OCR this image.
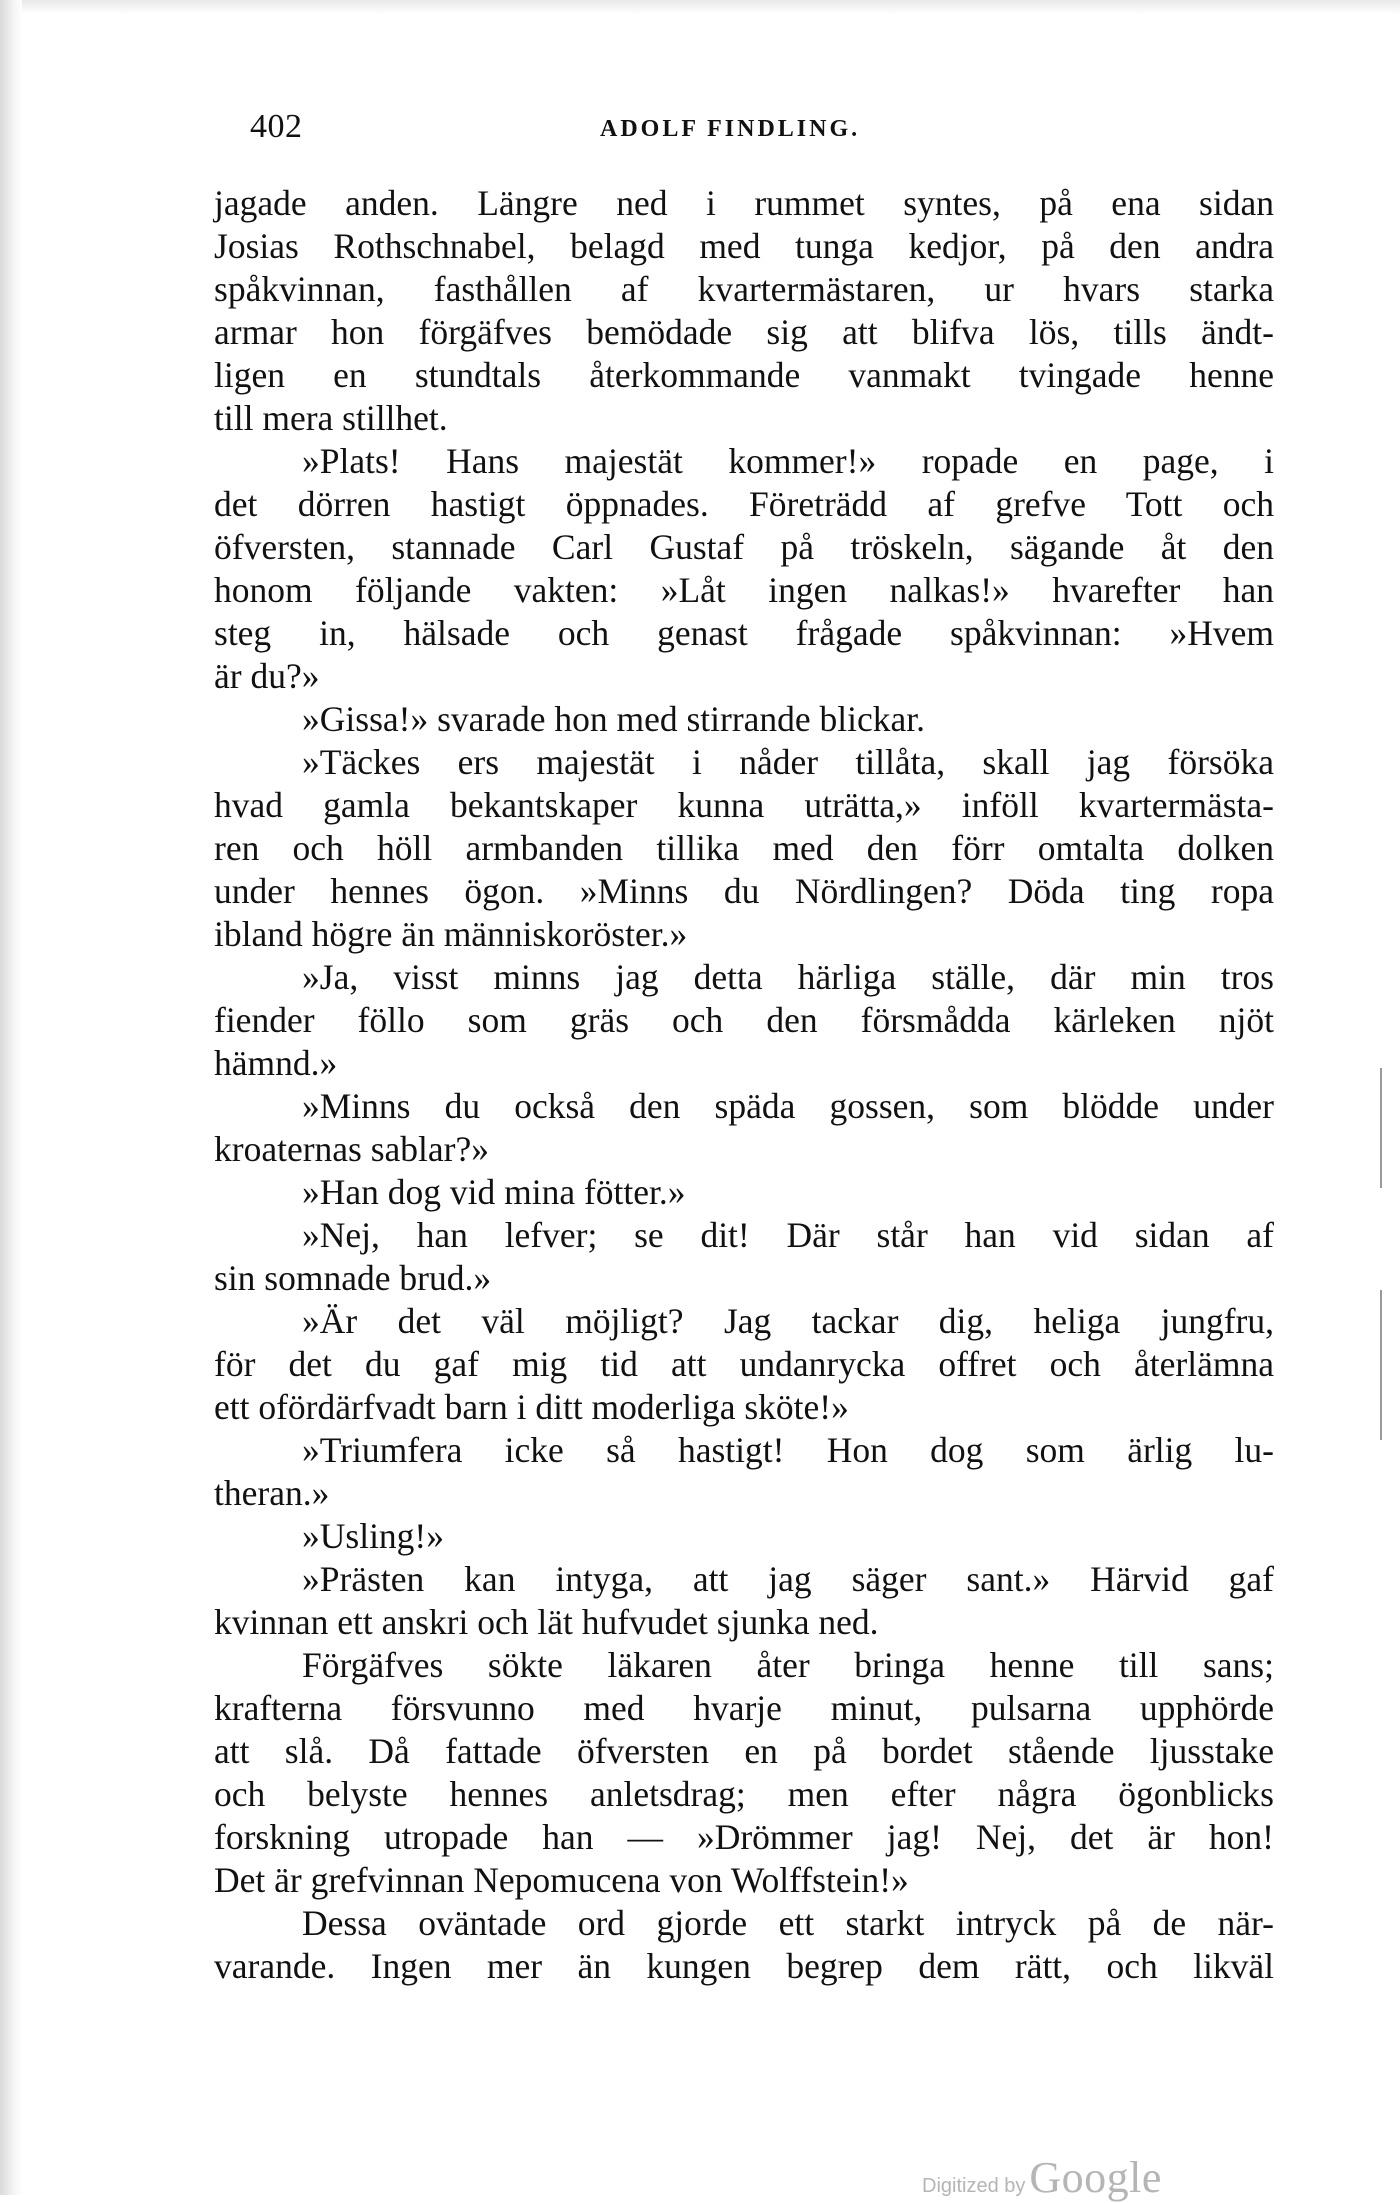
402	ADOLF FINDLING.
jagade anden. Längre ned i rummet syntes, på ena sidan
Josias Rothschnabel, belagd med tunga kedjor, på den andra
spåkvinnan, fasthållen af kvartermästaren, ur hvars starka
armar hon förgäfves bemödade sig att blifva lös, tills ändt-
ligen en stundtals återkommande vanmakt tvingade henne
till mera stillhet.
»Plats! Hans majestät kommer!» ropade en page, i
det dörren hastigt öppnades. Företrädd af grefve Tott och
öfversten, stannade Carl Gustaf på tröskeln, sägande åt den
honom följande vakten: »Låt ingen nalkas!» hvarefter han
steg in, hälsade och genast frågade spåkvinnan: »Hvem
är du?»
»Gissa!» svarade hon med stirrande blickar.
»Täckes ers majestät i nåder tillåta, skall jag försöka
hvad gamla bekantskaper kunna uträtta,» inföll kvartermästa-
ren och höll armbanden tillika med den förr omtalta dolken
under hennes ögon. »Minns du Nördlingen? Döda ting ropa
ibland högre än människoröster.»
»Ja, visst minns jag detta härliga ställe, där min tros
fiender föllo som gräs och den försmådda kärleken njöt
hämnd.»
»Minns du också den späda gossen, som blödde under
kroaternas sablar?»
»Han dog vid mina fötter.»
»Nej, han lefver; se dit! Där står han vid sidan af
sin somnade brud.»
»Är det väl möjligt? Jag tackar dig, heliga jungfru,
för det du gaf mig tid att undanrycka offret och återlämna
ett ofördärfvadt barn i ditt moderliga sköte!»
»Triumfera icke så hastigt! Hon dog som ärlig lu-
theran.»
»Usling!»
»Prästen kan intyga, att jag säger sant.» Härvid gaf
kvinnan ett anskri och lät hufvudet sjunka ned.
Förgäfves sökte läkaren åter bringa henne till sans;
krafterna försvunno med hvarje minut, pulsarna upphörde
att slå. Då fattade öfversten en på bordet stående ljusstake
och belyste hennes anletsdrag; men efter några ögonblicks
forskning utropade han — »Drömmer jag! Nej, det är hon!
Det är grefvinnan Nepomucena von Wolffstein!»
Dessa oväntade ord gjorde ett starkt intryck på de när-
varande. Ingen mer än kungen begrep dem rätt, och likväl
Digitized by Google
